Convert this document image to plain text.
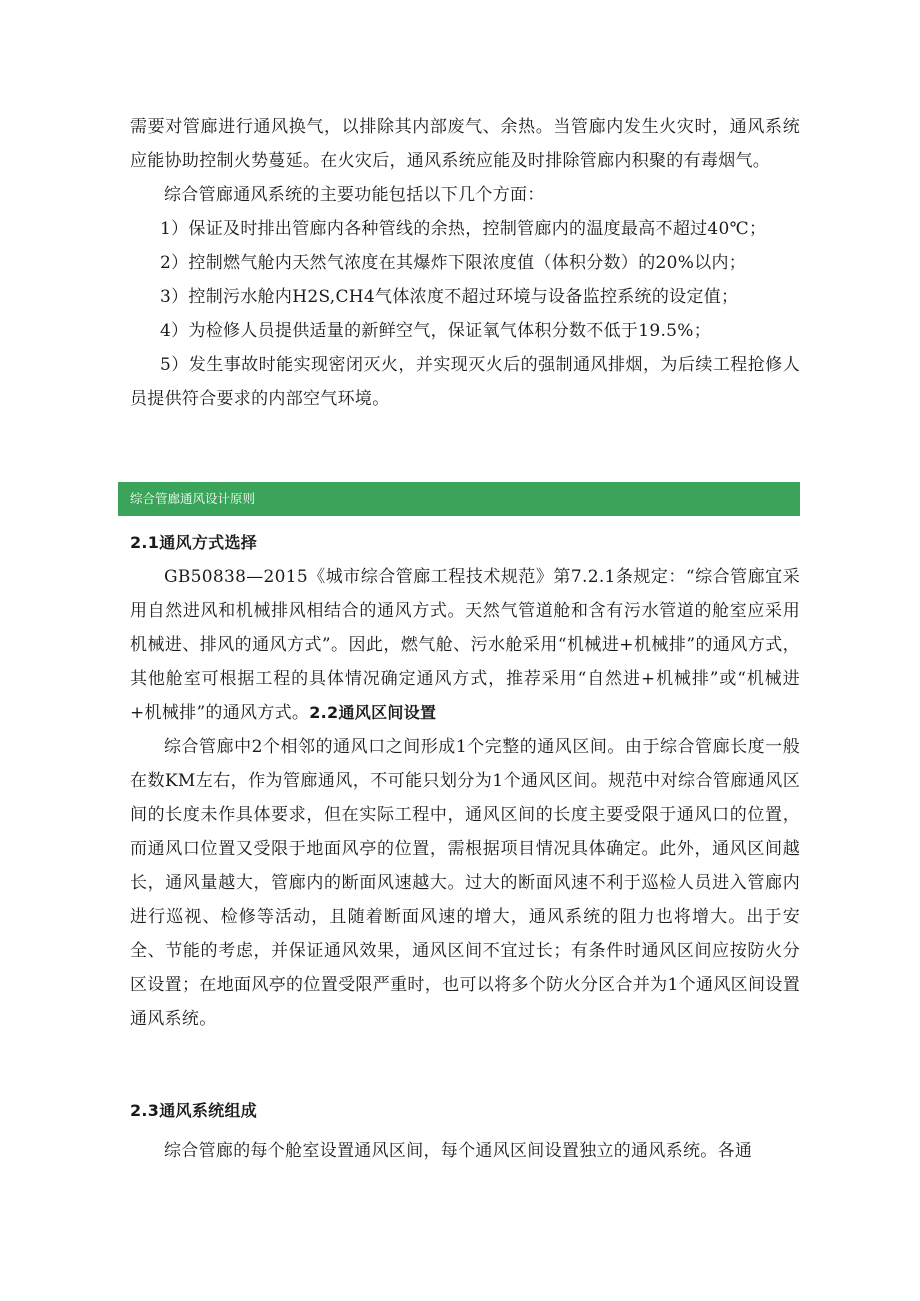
需要对管廊进行通风换气，以排除其内部废气、余热。当管廊内发生火灾时，通风系统应能协助控制火势蔓延。在火灾后，通风系统应能及时排除管廊内积聚的有毒烟气。

综合管廊通风系统的主要功能包括以下几个方面：

1）保证及时排出管廊内各种管线的余热，控制管廊内的温度最高不超过40℃；

2）控制燃气舱内天然气浓度在其爆炸下限浓度值（体积分数）的20%以内；

3）控制污水舱内H2S,CH4气体浓度不超过环境与设备监控系统的设定值；

4）为检修人员提供适量的新鲜空气，保证氧气体积分数不低于19.5%；

5）发生事故时能实现密闭灭火，并实现灭火后的强制通风排烟，为后续工程抢修人员提供符合要求的内部空气环境。

综合管廊通风设计原则
2.1通风方式选择

GB50838—2015《城市综合管廊工程技术规范》第7.2.1条规定：“综合管廊宜采用自然进风和机械排风相结合的通风方式。天然气管道舱和含有污水管道的舱室应采用机械进、排风的通风方式”。因此，燃气舱、污水舱采用“机械进+机械排”的通风方式，其他舱室可根据工程的具体情况确定通风方式，推荐采用“自然进+机械排”或“机械进+机械排”的通风方式。2.2通风区间设置

综合管廊中2个相邻的通风口之间形成1个完整的通风区间。由于综合管廊长度一般在数KM左右，作为管廊通风，不可能只划分为1个通风区间。规范中对综合管廊通风区间的长度未作具体要求，但在实际工程中，通风区间的长度主要受限于通风口的位置，而通风口位置又受限于地面风亭的位置，需根据项目情况具体确定。此外，通风区间越长，通风量越大，管廊内的断面风速越大。过大的断面风速不利于巡检人员进入管廊内进行巡视、检修等活动，且随着断面风速的增大，通风系统的阻力也将增大。出于安全、节能的考虑，并保证通风效果，通风区间不宜过长；有条件时通风区间应按防火分区设置；在地面风亭的位置受限严重时，也可以将多个防火分区合并为1个通风区间设置通风系统。

2.3通风系统组成

综合管廊的每个舱室设置通风区间，每个通风区间设置独立的通风系统。各通
